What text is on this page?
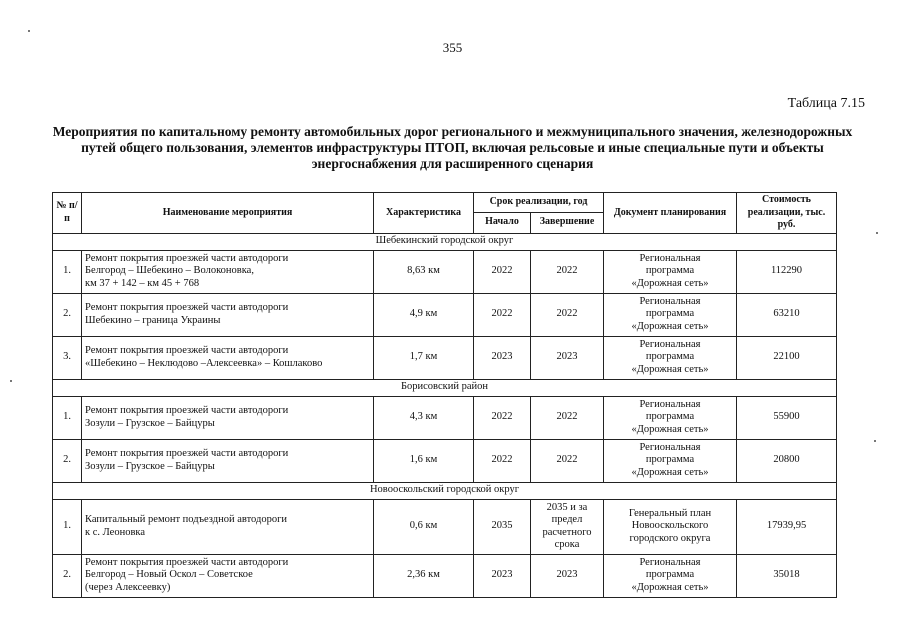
355
Таблица 7.15
Мероприятия по капитальному ремонту автомобильных дорог регионального и межмуниципального значения, железнодорожных путей общего пользования, элементов инфраструктуры ПТОП, включая рельсовые и иные специальные пути и объекты энергоснабжения для расширенного сценария
№ п/п	Наименование мероприятия	Характеристика	Срок реализации, год		Документ планирования	Стоимость реализации, тыс. руб.
			Начало	Завершение		
Шебекинский городской округ						
1.	Ремонт покрытия проезжей части автодороги
Белгород – Шебекино – Волоконовка,
км 37 + 142 – км 45 + 768	8,63 км	2022	2022	Региональная
программа
«Дорожная сеть»	112290
2.	Ремонт покрытия проезжей части автодороги
Шебекино – граница Украины	4,9 км	2022	2022	Региональная
программа
«Дорожная сеть»	63210
3.	Ремонт покрытия проезжей части автодороги
«Шебекино – Неклюдово –Алексеевка» – Кошлаково	1,7 км	2023	2023	Региональная
программа
«Дорожная сеть»	22100
Борисовский район						
1.	Ремонт покрытия проезжей части автодороги
Зозули – Грузское – Байцуры	4,3 км	2022	2022	Региональная
программа
«Дорожная сеть»	55900
2.	Ремонт покрытия проезжей части автодороги
Зозули – Грузское – Байцуры	1,6 км	2022	2022	Региональная
программа
«Дорожная сеть»	20800
Новооскольский городской округ						
1.	Капитальный ремонт подъездной автодороги
к с. Леоновка	0,6 км	2035	2035 и за
предел
расчетного
срока	Генеральный план
Новооскольского
городского округа	17939,95
2.	Ремонт покрытия проезжей части автодороги
Белгород – Новый Оскол – Советское
(через Алексеевку)	2,36 км	2023	2023	Региональная
программа
«Дорожная сеть»	35018
